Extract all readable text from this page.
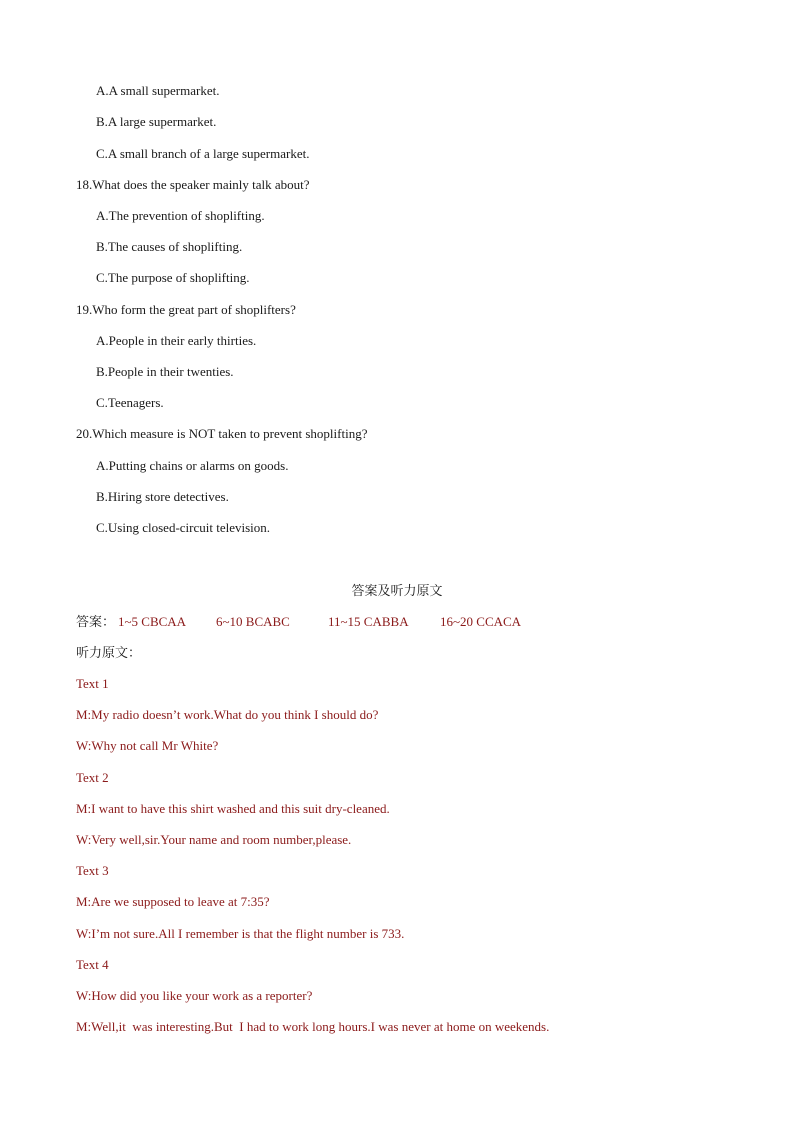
A.A small supermarket.
B.A large supermarket.
C.A small branch of a large supermarket.
18.What does the speaker mainly talk about?
A.The prevention of shoplifting.
B.The causes of shoplifting.
C.The purpose of shoplifting.
19.Who form the great part of shoplifters?
A.People in their early thirties.
B.People in their twenties.
C.Teenagers.
20.Which measure is NOT taken to prevent shoplifting?
A.Putting chains or alarms on goods.
B.Hiring store detectives.
C.Using closed-circuit television.
答案及听力原文
答案： 1~5 CBCAA 6~10 BCABC	11~15 CABBA 16~20 CCACA
听力原文：
Text 1
M:My radio doesn’t work.What do you think I should do?
W:Why not call Mr White?
Text 2
M:I want to have this shirt washed and this suit dry-cleaned.
W:Very well,sir.Your name and room number,please.
Text 3
M:Are we supposed to leave at 7:35?
W:I’m not sure.All I remember is that the flight number is 733.
Text 4
W:How did you like your work as a reporter?
M:Well,it  was interesting.But  I had to work long hours.I was never at home on weekends.
